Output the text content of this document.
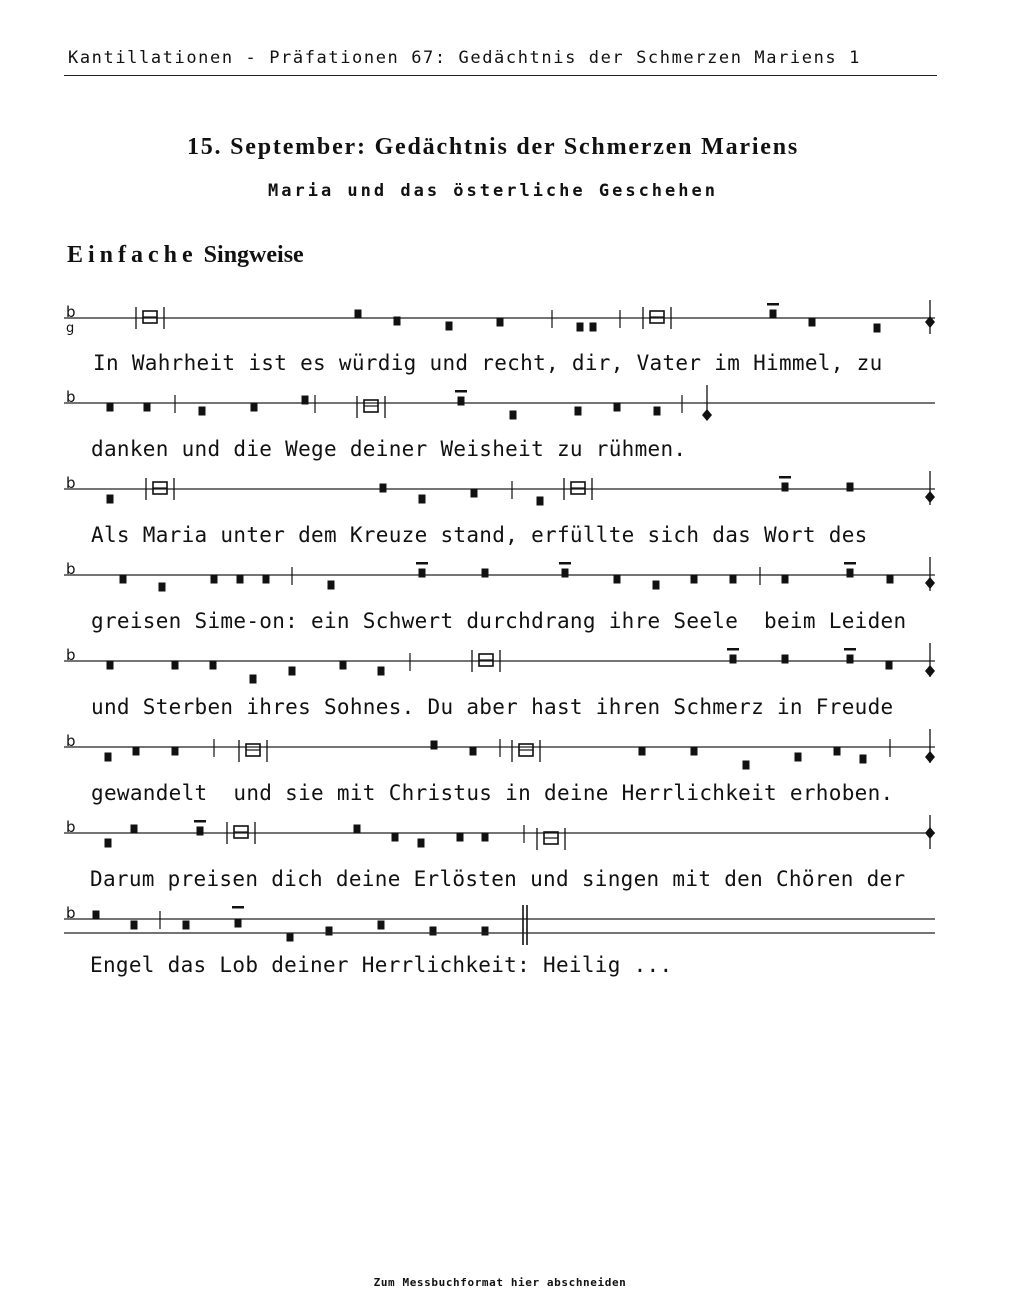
Kantillationen - Präfationen 67: Gedächtnis der Schmerzen Mariens 1
15. September: Gedächtnis der Schmerzen Mariens
Maria und das österliche Geschehen
Einfache Singweise
b
g
b
b
b
b
b
b
b
In Wahrheit ist es würdig und recht, dir, Vater im Himmel, zu
danken und die Wege deiner Weisheit zu rühmen.
Als Maria unter dem Kreuze stand, erfüllte sich das Wort des
greisen Sime-on: ein Schwert durchdrang ihre Seele  beim Leiden
und Sterben ihres Sohnes. Du aber hast ihren Schmerz in Freude
gewandelt  und sie mit Christus in deine Herrlichkeit erhoben.
Darum preisen dich deine Erlösten und singen mit den Chören der
Engel das Lob deiner Herrlichkeit: Heilig ...
Zum Messbuchformat hier abschneiden
